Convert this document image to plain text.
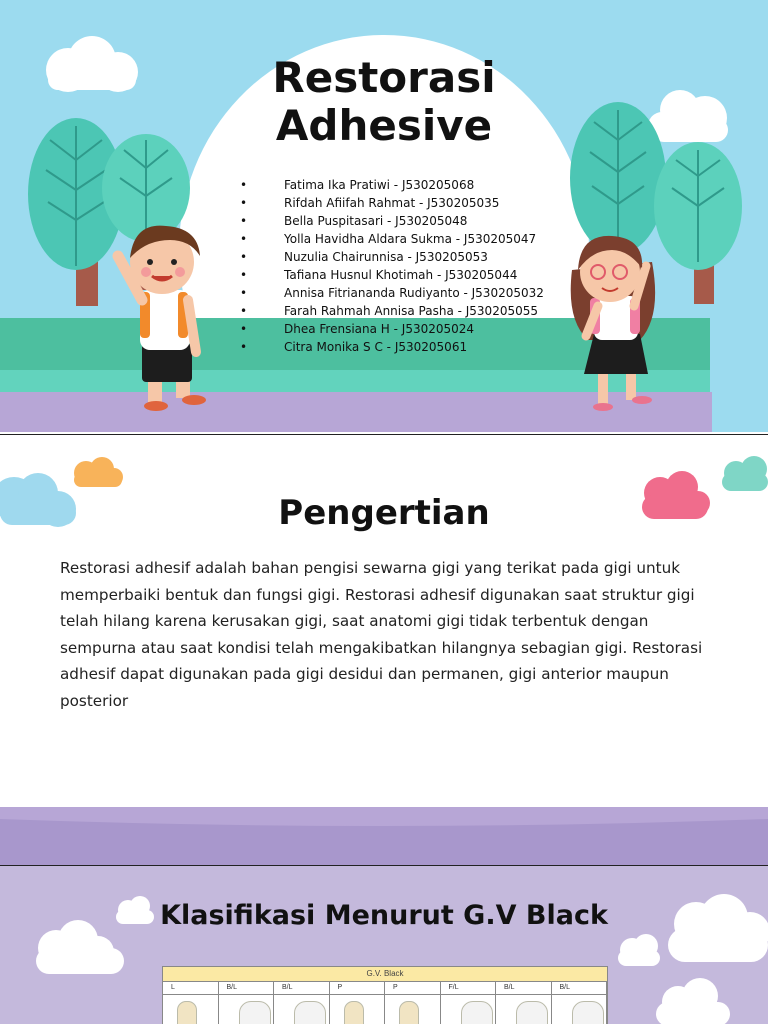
Restorasi
Adhesive
• Fatima Ika Pratiwi - J530205068
• Rifdah Afiifah Rahmat - J530205035
• Bella Puspitasari - J530205048
• Yolla Havidha Aldara Sukma - J530205047
• Nuzulia Chairunnisa - J530205053
• Tafiana Husnul Khotimah - J530205044
• Annisa Fitriananda Rudiyanto - J530205032
• Farah Rahmah Annisa Pasha - J530205055
• Dhea Frensiana H - J530205024
• Citra Monika S C - J530205061
Pengertian
Restorasi adhesif adalah bahan pengisi sewarna gigi yang terikat pada gigi untuk memperbaiki bentuk dan fungsi gigi. Restorasi adhesif digunakan saat struktur gigi telah hilang karena kerusakan gigi, saat anatomi gigi tidak terbentuk dengan sempurna atau saat kondisi telah mengakibatkan hilangnya sebagian gigi. Restorasi adhesif dapat digunakan pada gigi desidui dan permanen, gigi anterior maupun posterior
Klasifikasi Menurut G.V Black
G.V. Black
L	B/L	B/L	P	P	F/L	B/L	B/L
